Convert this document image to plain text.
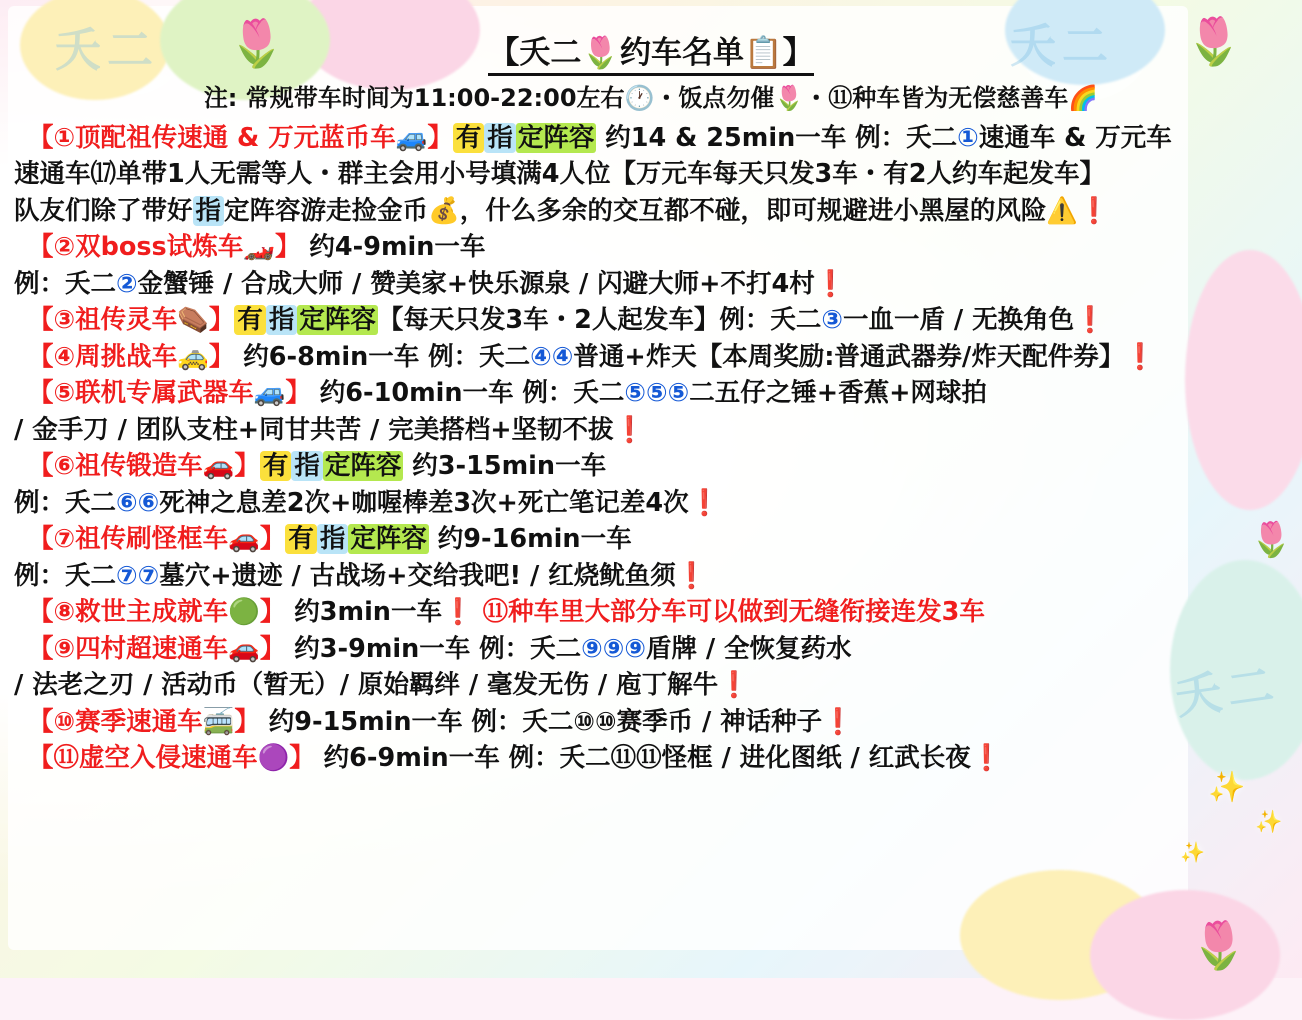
夭二	夭二
夭二
🌷	🌷
🌷
🌷
✨
✨
✨
【夭二🌷约车名单📋】
注: 常规带车时间为11:00-22:00左右🕐・饭点勿催🌷・⑪种车皆为无偿慈善车🌈
【①顶配祖传速通 & 万元蓝币车🚙】 有 指 定阵容 约14 & 25min一车 例：夭二①速通车 & 万元车
速通车⒄单带1人无需等人・群主会用小号填满4人位【万元车每天只发3车・有2人约车起发车】
队友们除了带好 指 定阵容游走捡金币💰，什么多余的交互都不碰，即可规避进小黑屋的风险⚠️❗
【②双boss试炼车🏎️】 约4-9min一车
例：夭二②金蟹锤 / 合成大师 / 赞美家+快乐源泉 / 闪避大师+不打4村❗
【③祖传灵车⚰️】 有 指 定阵容【每天只发3车・2人起发车】例：夭二③一血一盾 / 无换角色❗
【④周挑战车🚕】 约6-8min一车 例：夭二④④普通+炸天【本周奖励:普通武器券/炸天配件券】❗
【⑤联机专属武器车🚙】 约6-10min一车 例：夭二⑤⑤⑤二五仔之锤+香蕉+网球拍
/ 金手刀 / 团队支柱+同甘共苦 / 完美搭档+坚韧不拔❗
【⑥祖传锻造车🚗】 有 指 定阵容 约3-15min一车
例：夭二⑥⑥死神之息差2次+咖喔棒差3次+死亡笔记差4次❗
【⑦祖传刷怪框车🚗】 有 指 定阵容 约9-16min一车
例：夭二⑦⑦墓穴+遗迹 / 古战场+交给我吧! / 红烧鱿鱼须❗
【⑧救世主成就车🟢】 约3min一车❗ ⑪种车里大部分车可以做到无缝衔接连发3车
【⑨四村超速通车🚗】 约3-9min一车 例：夭二⑨⑨⑨盾牌 / 全恢复药水
/ 法老之刃 / 活动币（暂无）/ 原始羁绊 / 毫发无伤 / 庖丁解牛❗
【⑩赛季速通车🚎】 约9-15min一车 例：夭二⑩⑩赛季币 / 神话种子❗
【⑪虚空入侵速通车🟣】 约6-9min一车 例：夭二⑪⑪怪框 / 进化图纸 / 红武长夜❗
